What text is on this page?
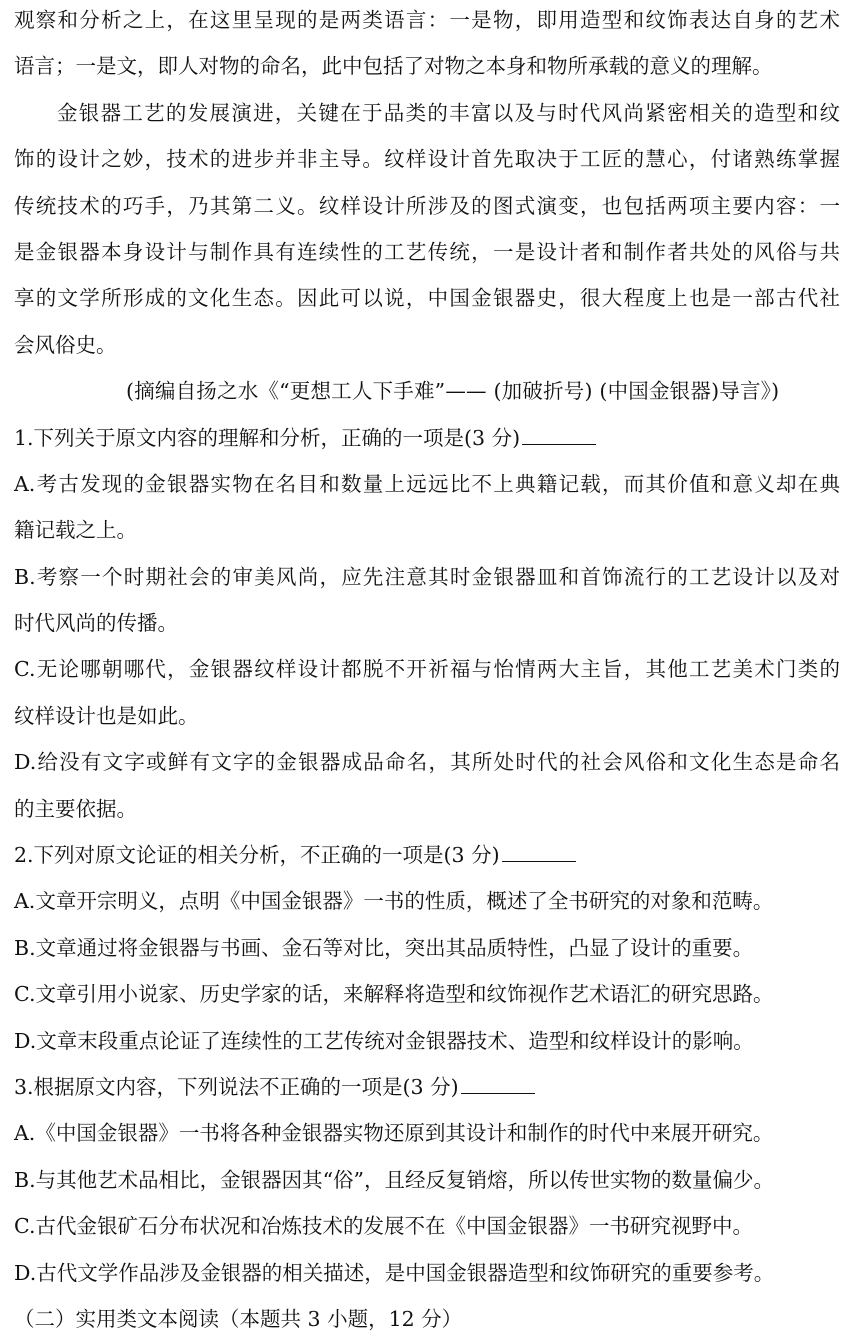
观察和分析之上，在这里呈现的是两类语言：一是物，即用造型和纹饰表达自身的艺术
语言；一是文，即人对物的命名，此中包括了对物之本身和物所承载的意义的理解。
金银器工艺的发展演进，关键在于品类的丰富以及与时代风尚紧密相关的造型和纹
饰的设计之妙，技术的进步并非主导。纹样设计首先取决于工匠的慧心，付诸熟练掌握
传统技术的巧手，乃其第二义。纹样设计所涉及的图式演变，也包括两项主要内容：一
是金银器本身设计与制作具有连续性的工艺传统，一是设计者和制作者共处的风俗与共
享的文学所形成的文化生态。因此可以说，中国金银器史，很大程度上也是一部古代社
会风俗史。
(摘编自扬之水《“更想工人下手难”—— (加破折号) (中国金银器)导言》)
1.下列关于原文内容的理解和分析，正确的一项是(3 分)
A.考古发现的金银器实物在名目和数量上远远比不上典籍记载，而其价值和意义却在典
籍记载之上。
B.考察一个时期社会的审美风尚，应先注意其时金银器皿和首饰流行的工艺设计以及对
时代风尚的传播。
C.无论哪朝哪代，金银器纹样设计都脱不开祈福与怡情两大主旨，其他工艺美术门类的
纹样设计也是如此。
D.给没有文字或鲜有文字的金银器成品命名，其所处时代的社会风俗和文化生态是命名
的主要依据。
2.下列对原文论证的相关分析，不正确的一项是(3 分)
A.文章开宗明义，点明《中国金银器》一书的性质，概述了全书研究的对象和范畴。
B.文章通过将金银器与书画、金石等对比，突出其品质特性，凸显了设计的重要。
C.文章引用小说家、历史学家的话，来解释将造型和纹饰视作艺术语汇的研究思路。
D.文章末段重点论证了连续性的工艺传统对金银器技术、造型和纹样设计的影响。
3.根据原文内容，下列说法不正确的一项是(3 分)
A.《中国金银器》一书将各种金银器实物还原到其设计和制作的时代中来展开研究。
B.与其他艺术品相比，金银器因其“俗”，且经反复销熔，所以传世实物的数量偏少。
C.古代金银矿石分布状况和冶炼技术的发展不在《中国金银器》一书研究视野中。
D.古代文学作品涉及金银器的相关描述，是中国金银器造型和纹饰研究的重要参考。
（二）实用类文本阅读（本题共 3 小题，12 分）
